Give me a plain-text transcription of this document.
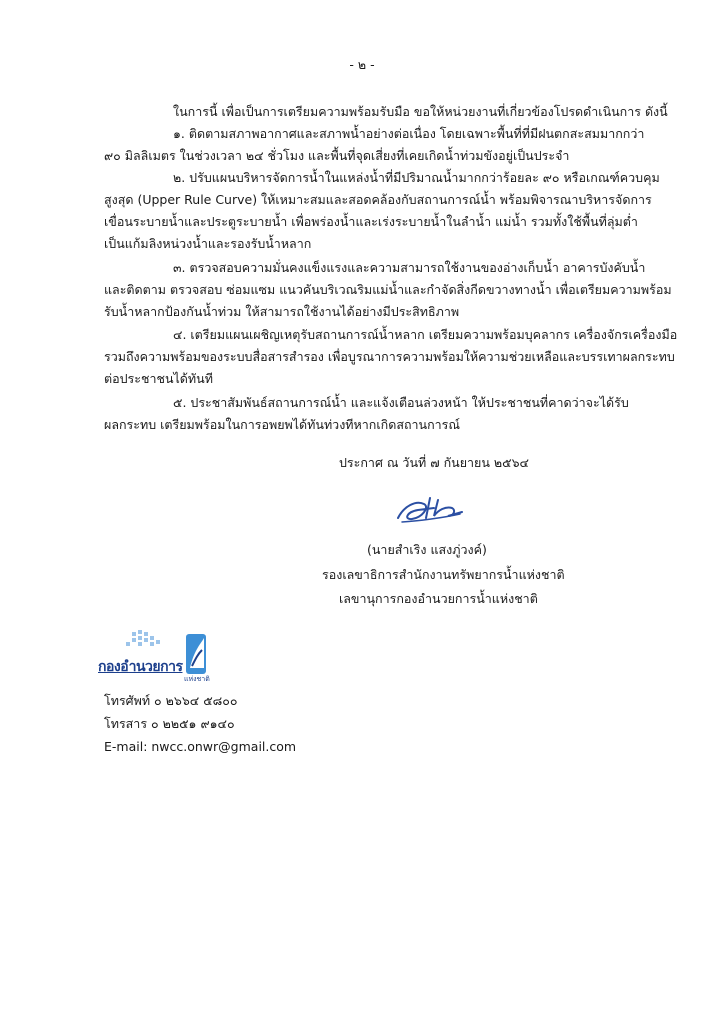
- ๒ -
ในการนี้ เพื่อเป็นการเตรียมความพร้อมรับมือ ขอให้หน่วยงานที่เกี่ยวข้องโปรดดำเนินการ ดังนี้
๑. ติดตามสภาพอากาศและสภาพน้ำอย่างต่อเนื่อง โดยเฉพาะพื้นที่ที่มีฝนตกสะสมมากกว่า
๙๐ มิลลิเมตร ในช่วงเวลา ๒๔ ชั่วโมง และพื้นที่จุดเสี่ยงที่เคยเกิดน้ำท่วมขังอยู่เป็นประจำ
๒. ปรับแผนบริหารจัดการน้ำในแหล่งน้ำที่มีปริมาณน้ำมากกว่าร้อยละ ๙๐ หรือเกณฑ์ควบคุม
สูงสุด (Upper Rule Curve) ให้เหมาะสมและสอดคล้องกับสถานการณ์น้ำ พร้อมพิจารณาบริหารจัดการ
เขื่อนระบายน้ำและประตูระบายน้ำ เพื่อพร่องน้ำและเร่งระบายน้ำในลำน้ำ แม่น้ำ รวมทั้งใช้พื้นที่ลุ่มต่ำ
เป็นแก้มลิงหน่วงน้ำและรองรับน้ำหลาก
๓. ตรวจสอบความมั่นคงแข็งแรงและความสามารถใช้งานของอ่างเก็บน้ำ อาคารบังคับน้ำ
และติดตาม ตรวจสอบ ซ่อมแซม แนวคันบริเวณริมแม่น้ำและกำจัดสิ่งกีดขวางทางน้ำ เพื่อเตรียมความพร้อม
รับน้ำหลากป้องกันน้ำท่วม ให้สามารถใช้งานได้อย่างมีประสิทธิภาพ
๔. เตรียมแผนเผชิญเหตุรับสถานการณ์น้ำหลาก เตรียมความพร้อมบุคลากร เครื่องจักรเครื่องมือ
รวมถึงความพร้อมของระบบสื่อสารสำรอง เพื่อบูรณาการความพร้อมให้ความช่วยเหลือและบรรเทาผลกระทบ
ต่อประชาชนได้ทันที
๕. ประชาสัมพันธ์สถานการณ์น้ำ และแจ้งเตือนล่วงหน้า ให้ประชาชนที่คาดว่าจะได้รับ
ผลกระทบ เตรียมพร้อมในการอพยพได้ทันท่วงทีหากเกิดสถานการณ์
ประกาศ ณ วันที่ ๗ กันยายน ๒๕๖๔
(นายสำเริง แสงภู่วงค์)
รองเลขาธิการสำนักงานทรัพยากรน้ำแห่งชาติ
เลขานุการกองอำนวยการน้ำแห่งชาติ
กองอำนวยการ
แห่งชาติ
โทรศัพท์ ๐ ๒๖๖๔ ๕๘๐๐
โทรสาร ๐ ๒๒๕๑ ๙๑๔๐
E-mail: nwcc.onwr@gmail.com
